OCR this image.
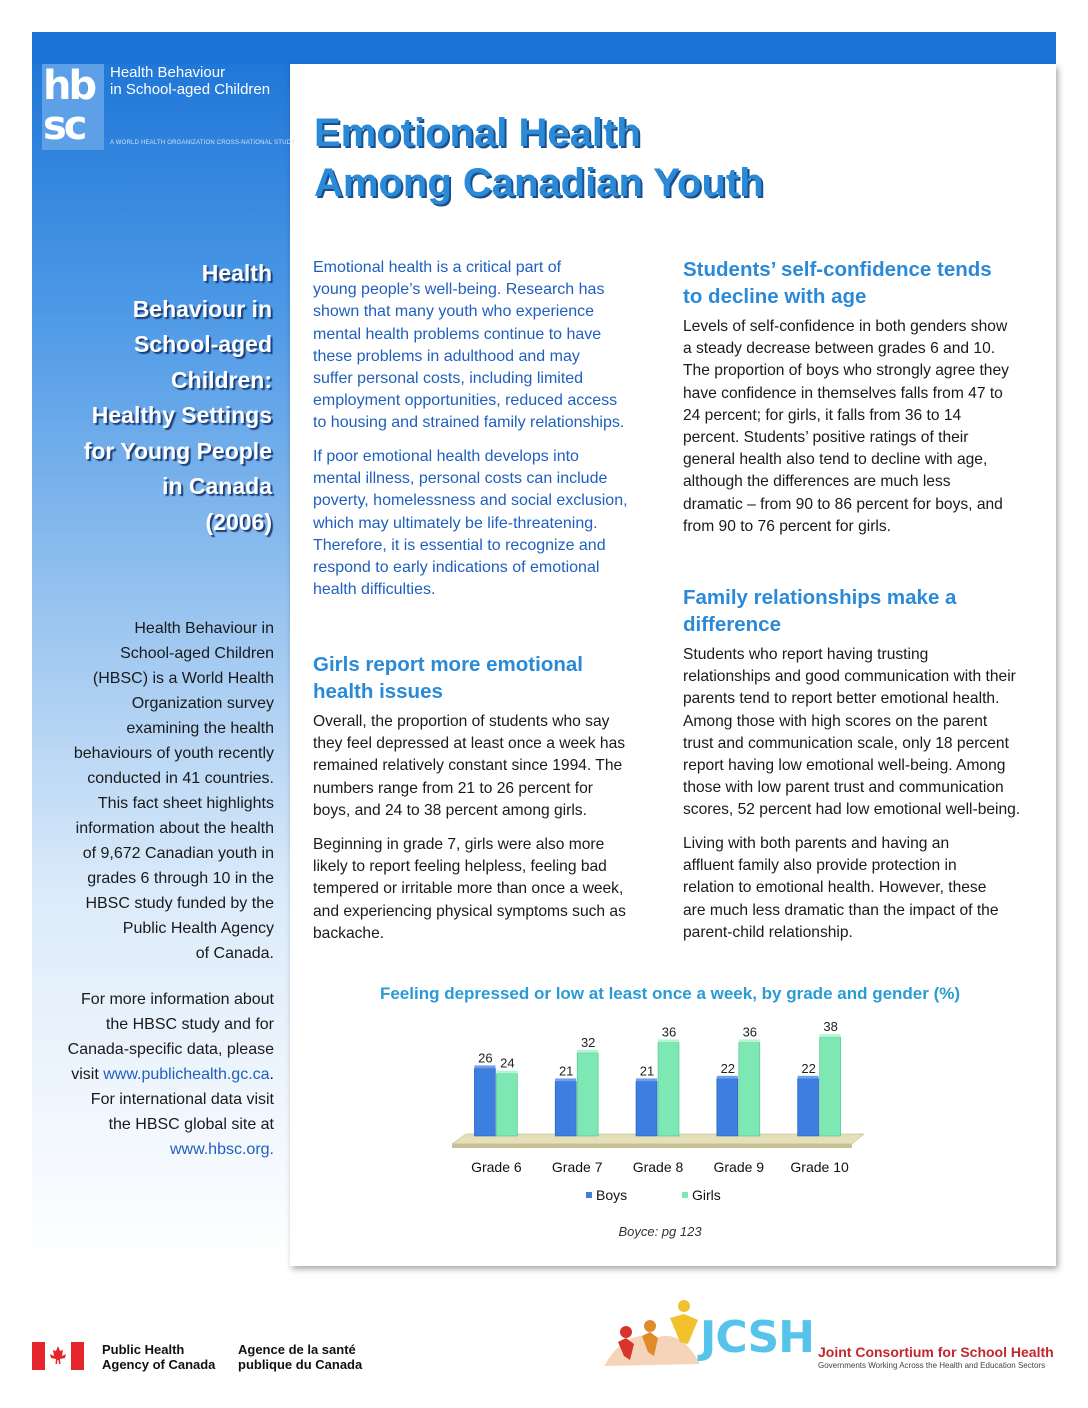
hb
sc
Health Behaviour
in School-aged Children
A WORLD HEALTH ORGANIZATION CROSS-NATIONAL STUDY Emotional Health
Among Canadian Youth
Health
Behaviour in
School-aged
Children:
Healthy Settings
for Young People
in Canada
(2006)
Health Behaviour in
School-aged Children
(HBSC) is a World Health
Organization survey
examining the health
behaviours of youth recently
conducted in 41 countries.
This fact sheet highlights
information about the health
of 9,672 Canadian youth in
grades 6 through 10 in the
HBSC study funded by the
Public Health Agency
of Canada.
For more information about
the HBSC study and for
Canada-specific data, please
visit www.publichealth.gc.ca.
For international data visit
the HBSC global site at
www.hbsc.org.
Emotional health is a critical part of
young people’s well-being. Research has
shown that many youth who experience
mental health problems continue to have
these problems in adulthood and may
suffer personal costs, including limited
employment opportunities, reduced access
to housing and strained family relationships.
If poor emotional health develops into
mental illness, personal costs can include
poverty, homelessness and social exclusion,
which may ultimately be life-threatening.
Therefore, it is essential to recognize and
respond to early indications of emotional
health difficulties.
Girls report more emotional
health issues
Overall, the proportion of students who say
they feel depressed at least once a week has
remained relatively constant since 1994. The
numbers range from 21 to 26 percent for
boys, and 24 to 38 percent among girls.
Beginning in grade 7, girls were also more
likely to report feeling helpless, feeling bad
tempered or irritable more than once a week,
and experiencing physical symptoms such as
backache.
Students’ self-confidence tends
to decline with age
Levels of self-confidence in both genders show
a steady decrease between grades 6 and 10.
The proportion of boys who strongly agree they
have confidence in themselves falls from 47 to
24 percent; for girls, it falls from 36 to 14
percent. Students’ positive ratings of their
general health also tend to decline with age,
although the differences are much less
dramatic – from 90 to 86 percent for boys, and
from 90 to 76 percent for girls.
Family relationships make a
difference
Students who report having trusting
relationships and good communication with their
parents tend to report better emotional health.
Among those with high scores on the parent
trust and communication scale, only 18 percent
report having low emotional well-being. Among
those with low parent trust and communication
scores, 52 percent had low emotional well-being.
Living with both parents and having an
affluent family also provide protection in
relation to emotional health. However, these
are much less dramatic than the impact of the
parent-child relationship.
Feeling depressed or low at least once a week, by grade and gender (%)
26 24
Grade 6
21
32
Grade 7
21
36
Grade 8
22
36
Grade 9
22
38
Grade 10
Boys	Girls
Boyce: pg 123
Public Health
Agency of Canada
Agence de la santé
publique du Canada
JCSH Joint Consortium for School Health
Governments Working Across the Health and Education Sectors
